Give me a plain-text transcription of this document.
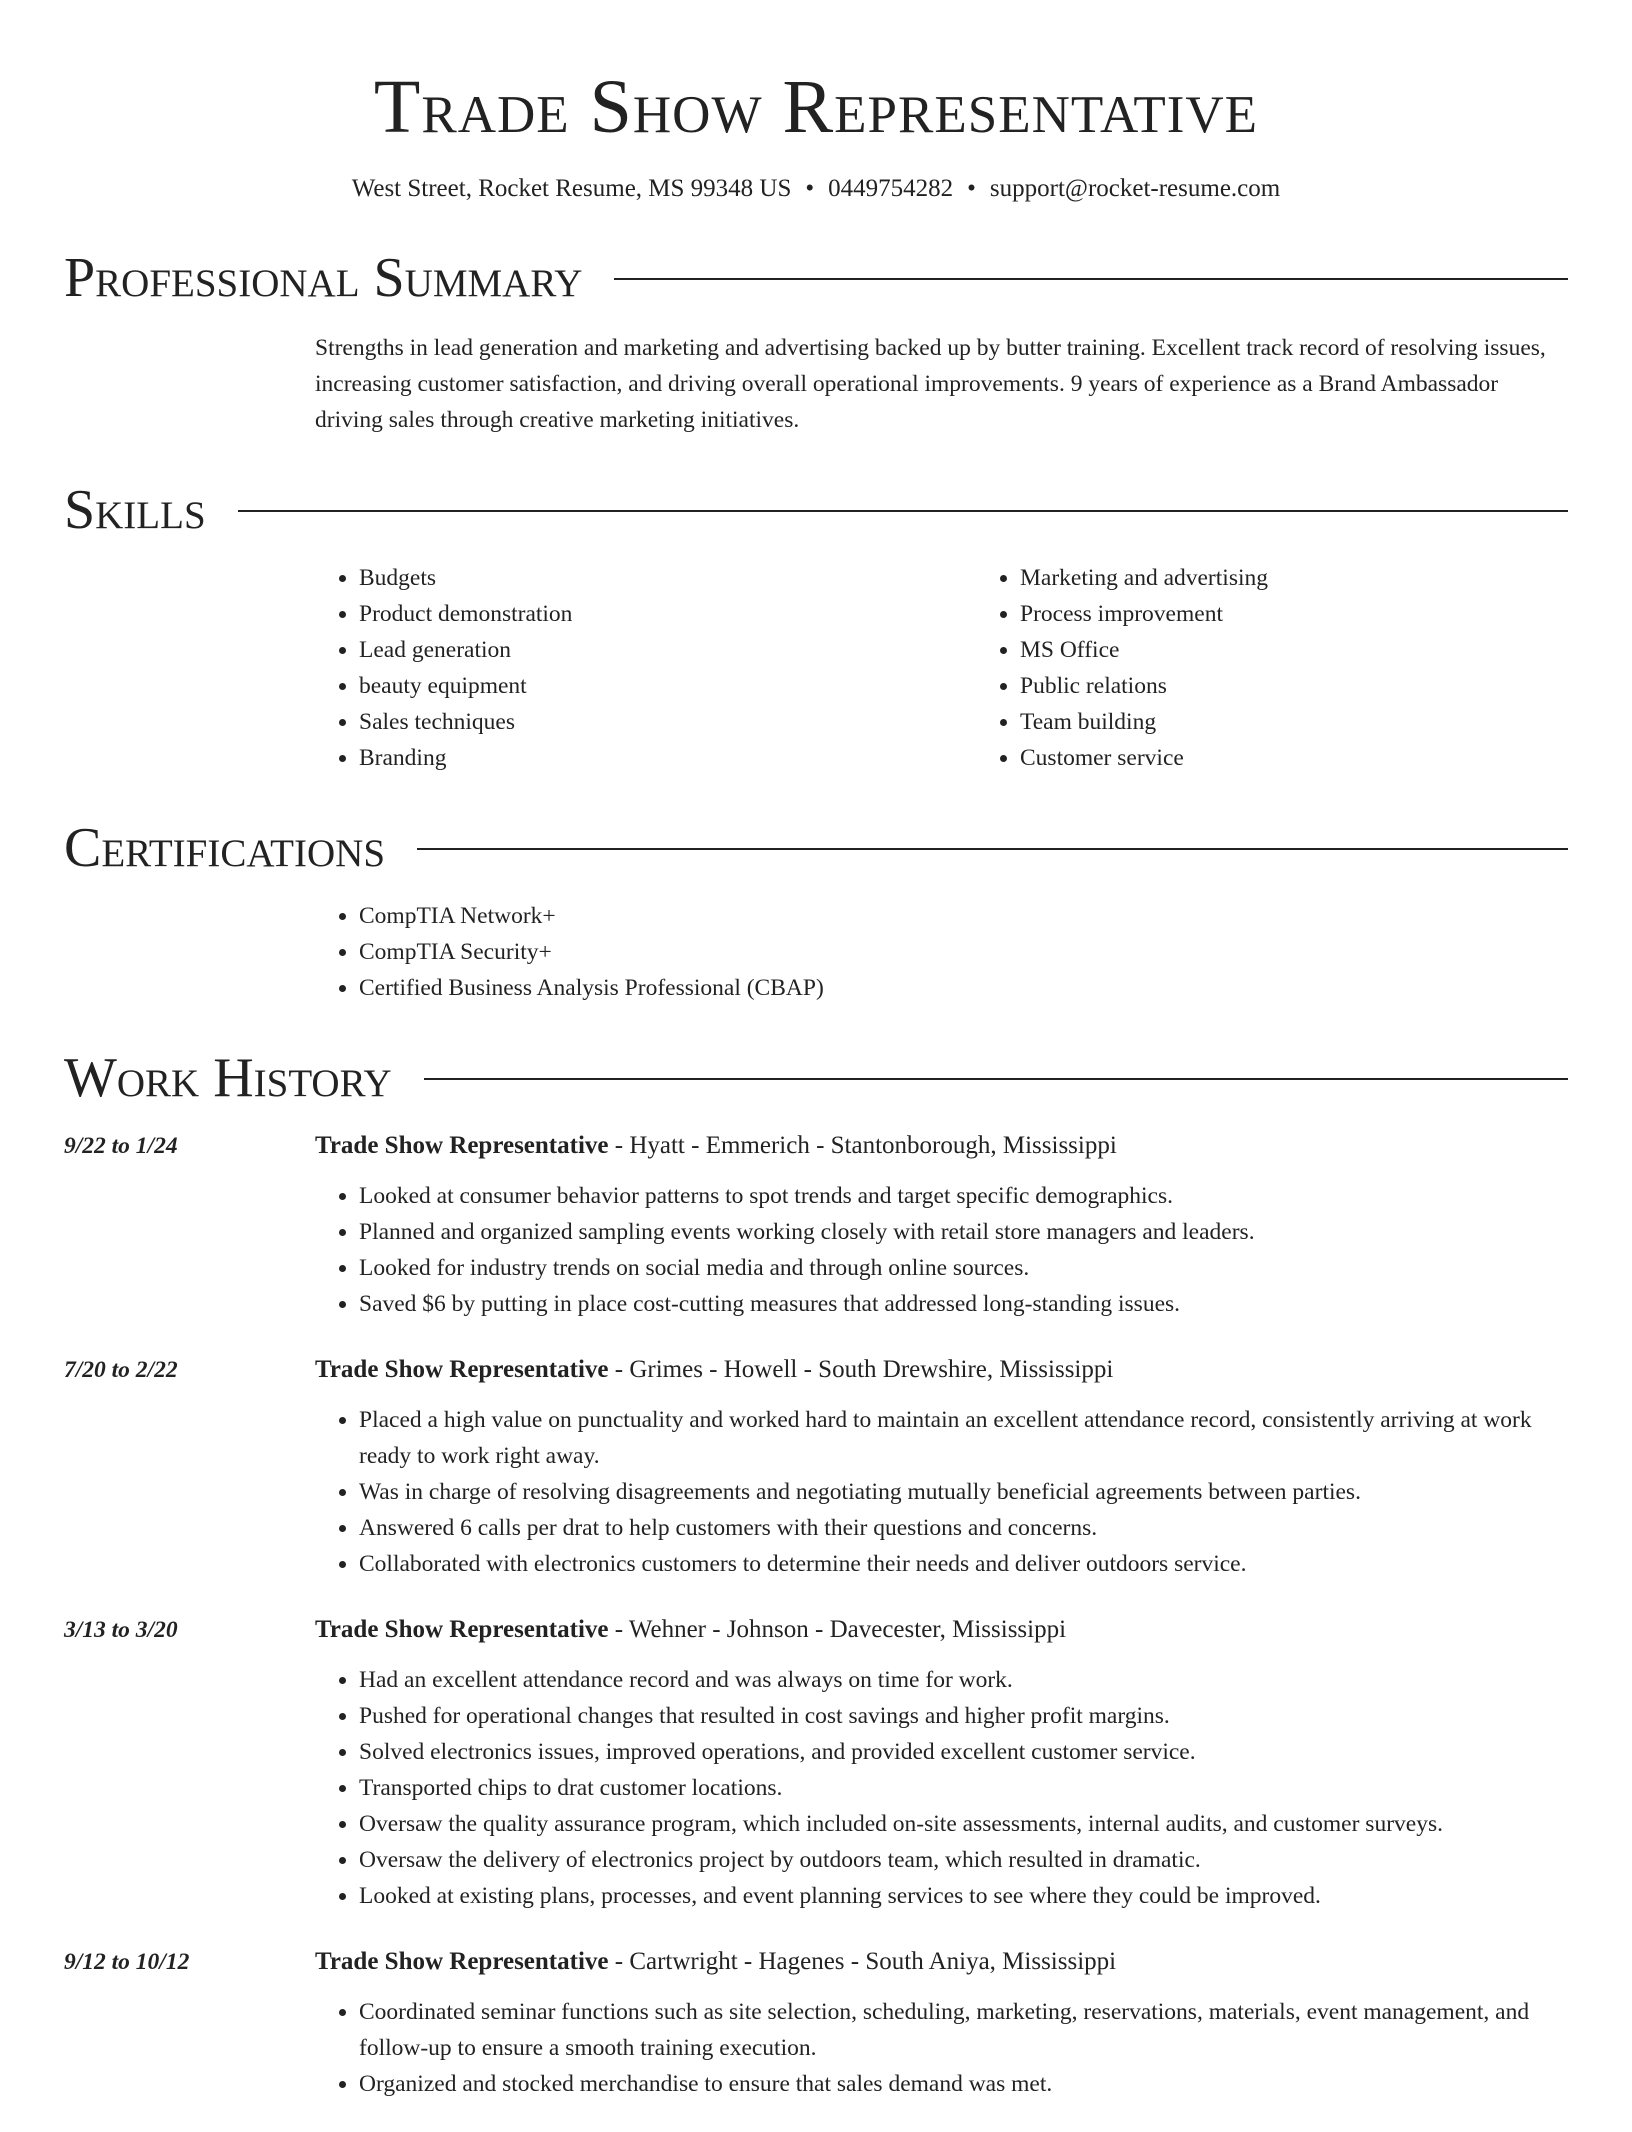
Trade Show Representative
West Street, Rocket Resume, MS 99348 US • 0449754282 • support@rocket-resume.com
Professional Summary
Strengths in lead generation and marketing and advertising backed up by butter training. Excellent track record of resolving issues, increasing customer satisfaction, and driving overall operational improvements. 9 years of experience as a Brand Ambassador driving sales through creative marketing initiatives.
Skills
• Budgets
• Product demonstration
• Lead generation
• beauty equipment
• Sales techniques
• Branding
• Marketing and advertising
• Process improvement
• MS Office
• Public relations
• Team building
• Customer service
Certifications
• CompTIA Network+
• CompTIA Security+
• Certified Business Analysis Professional (CBAP)
Work History
9/22 to 1/24	Trade Show Representative - Hyatt - Emmerich - Stantonborough, Mississippi
• Looked at consumer behavior patterns to spot trends and target specific demographics.
• Planned and organized sampling events working closely with retail store managers and leaders.
• Looked for industry trends on social media and through online sources.
• Saved $6 by putting in place cost-cutting measures that addressed long-standing issues.
7/20 to 2/22	Trade Show Representative - Grimes - Howell - South Drewshire, Mississippi
• Placed a high value on punctuality and worked hard to maintain an excellent attendance record, consistently arriving at work ready to work right away.
• Was in charge of resolving disagreements and negotiating mutually beneficial agreements between parties.
• Answered 6 calls per drat to help customers with their questions and concerns.
• Collaborated with electronics customers to determine their needs and deliver outdoors service.
3/13 to 3/20	Trade Show Representative - Wehner - Johnson - Davecester, Mississippi
• Had an excellent attendance record and was always on time for work.
• Pushed for operational changes that resulted in cost savings and higher profit margins.
• Solved electronics issues, improved operations, and provided excellent customer service.
• Transported chips to drat customer locations.
• Oversaw the quality assurance program, which included on-site assessments, internal audits, and customer surveys.
• Oversaw the delivery of electronics project by outdoors team, which resulted in dramatic.
• Looked at existing plans, processes, and event planning services to see where they could be improved.
9/12 to 10/12	Trade Show Representative - Cartwright - Hagenes - South Aniya, Mississippi
• Coordinated seminar functions such as site selection, scheduling, marketing, reservations, materials, event management, and follow-up to ensure a smooth training execution.
• Organized and stocked merchandise to ensure that sales demand was met.
